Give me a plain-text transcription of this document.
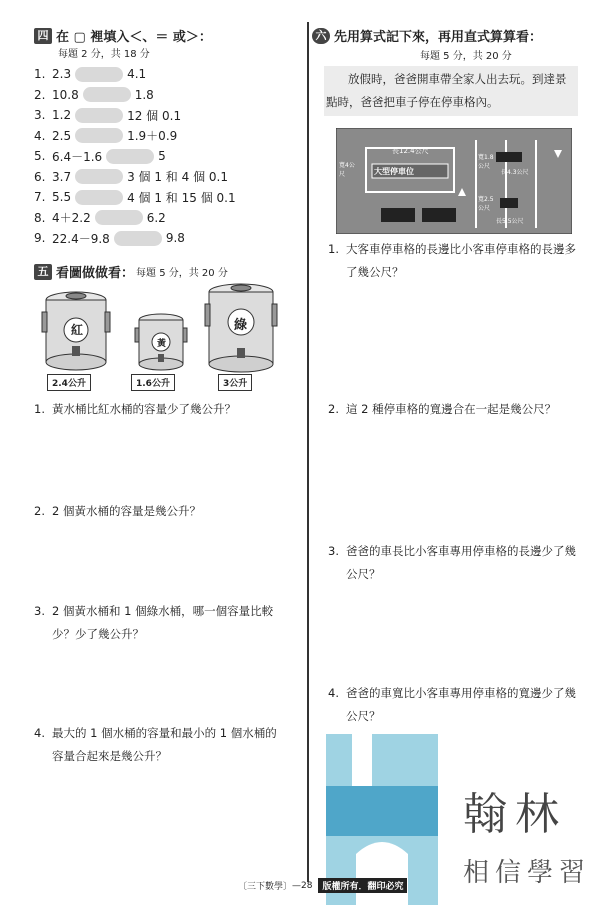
四 在 ▢ 裡填入＜、＝ 或＞：
每題 2 分，共 18 分
1. 2.3	4.1
2. 10.8	1.8
3. 1.2	12 個 0.1
4. 2.5	1.9＋0.9
5. 6.4－1.6	5
6. 3.7	3 個 1 和 4 個 0.1
7. 5.5	4 個 1 和 15 個 0.1
8. 4＋2.2	6.2
9. 22.4－9.8	9.8
五 看圖做做看： 每題 5 分，共 20 分
紅
黃
綠
2.4公升	1.6公升	3公升
1. 黃水桶比紅水桶的容量少了幾公升？
2. 2 個黃水桶的容量是幾公升？
3. 2 個黃水桶和 1 個綠水桶，哪一個容量比較少？少了幾公升？
4. 最大的 1 個水桶的容量和最小的 1 個水桶的容量合起來是幾公升？
六 先用算式記下來，再用直式算算看：
每題 5 分，共 20 分
放假時，爸爸開車帶全家人出去玩。到達景點時，爸爸把車子停在停車格內。
長12.4公尺
大型停車位
寬4公尺	長4.3公尺
寬1.8公尺
寬2.5公尺
長5.5公尺
1. 大客車停車格的長邊比小客車停車格的長邊多了幾公尺？
2. 這 2 種停車格的寬邊合在一起是幾公尺？
3. 爸爸的車長比小客車專用停車格的長邊少了幾公尺？
4. 爸爸的車寬比小客車專用停車格的寬邊少了幾公尺？
翰林
相信學習
〔三下數學〕 —28	版權所有．翻印必究
